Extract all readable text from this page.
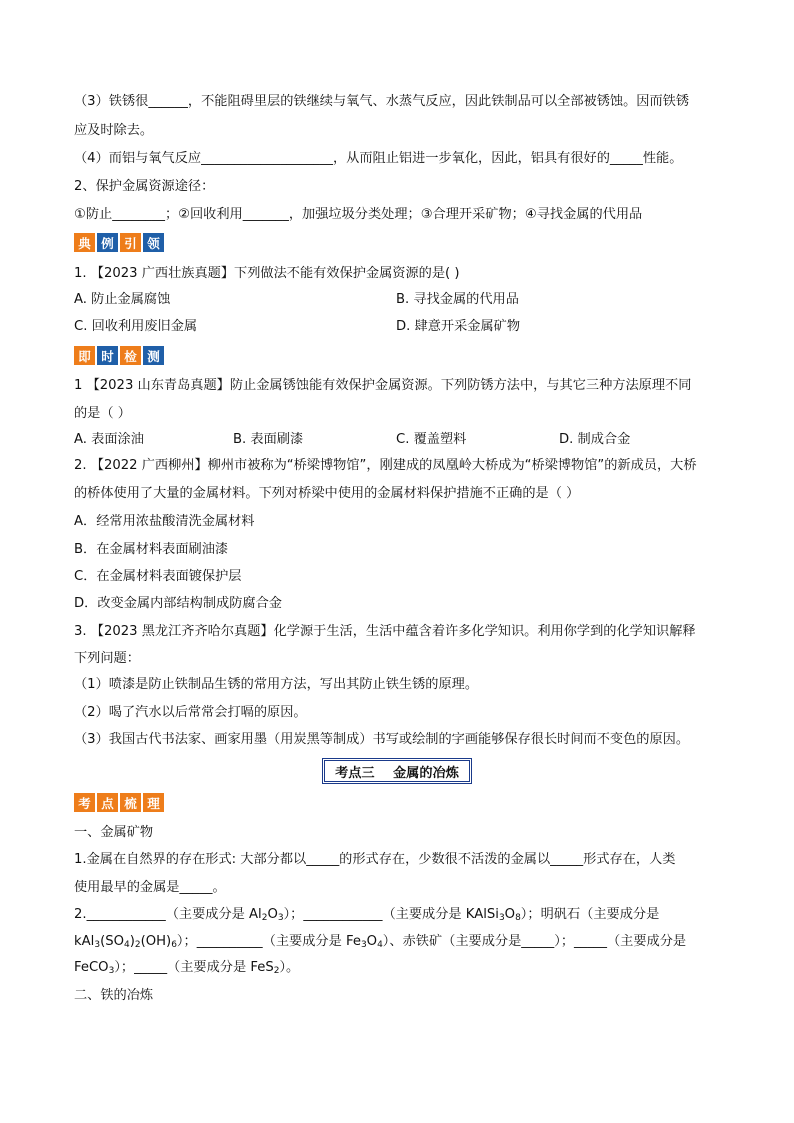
（3）铁锈很______，不能阻碍里层的铁继续与氧气、水蒸气反应，因此铁制品可以全部被锈蚀。因而铁锈
应及时除去。
（4）而铝与氧气反应____________________，从而阻止铝进一步氧化，因此，铝具有很好的_____性能。
2、保护金属资源途径：
①防止________；②回收利用_______，加强垃圾分类处理；③合理开采矿物；④寻找金属的代用品
典 例 引 领
1. 【2023 广西壮族真题】下列做法不能有效保护金属资源的是( )
A. 防止金属腐蚀	B. 寻找金属的代用品
C. 回收利用废旧金属	D. 肆意开采金属矿物
即 时 检 测
1 【2023 山东青岛真题】防止金属锈蚀能有效保护金属资源。下列防锈方法中，与其它三种方法原理不同
的是（ ）
A. 表面涂油	B. 表面刷漆	C. 覆盖塑料	D. 制成合金
2. 【2022 广西柳州】柳州市被称为“桥梁博物馆”，刚建成的凤凰岭大桥成为“桥梁博物馆”的新成员，大桥
的桥体使用了大量的金属材料。下列对桥梁中使用的金属材料保护措施不正确的是（ ）
A．经常用浓盐酸清洗金属材料
B．在金属材料表面刷油漆
C．在金属材料表面镀保护层
D．改变金属内部结构制成防腐合金
3. 【2023 黑龙江齐齐哈尔真题】化学源于生活，生活中蕴含着许多化学知识。利用你学到的化学知识解释
下列问题：
（1）喷漆是防止铁制品生锈的常用方法，写出其防止铁生锈的原理。
（2）喝了汽水以后常常会打嗝的原因。
（3）我国古代书法家、画家用墨（用炭黑等制成）书写或绘制的字画能够保存很长时间而不变色的原因。
考点三    金属的冶炼
考 点 梳 理
一、金属矿物
1.金属在自然界的存在形式: 大部分都以_____的形式存在，少数很不活泼的金属以_____形式存在，人类
使用最早的金属是_____。
2.____________（主要成分是 $Al_2O_3$）；____________（主要成分是 $KAlSi_3O_8$）；明矾石（主要成分是
$kAl_3(SO_4)_2(OH)_6$）；__________（主要成分是 $Fe_3O_4$）、赤铁矿（主要成分是_____）；_____（主要成分是
FeCO$_3$）；_____（主要成分是 FeS$_2$）。
二、铁的冶炼
